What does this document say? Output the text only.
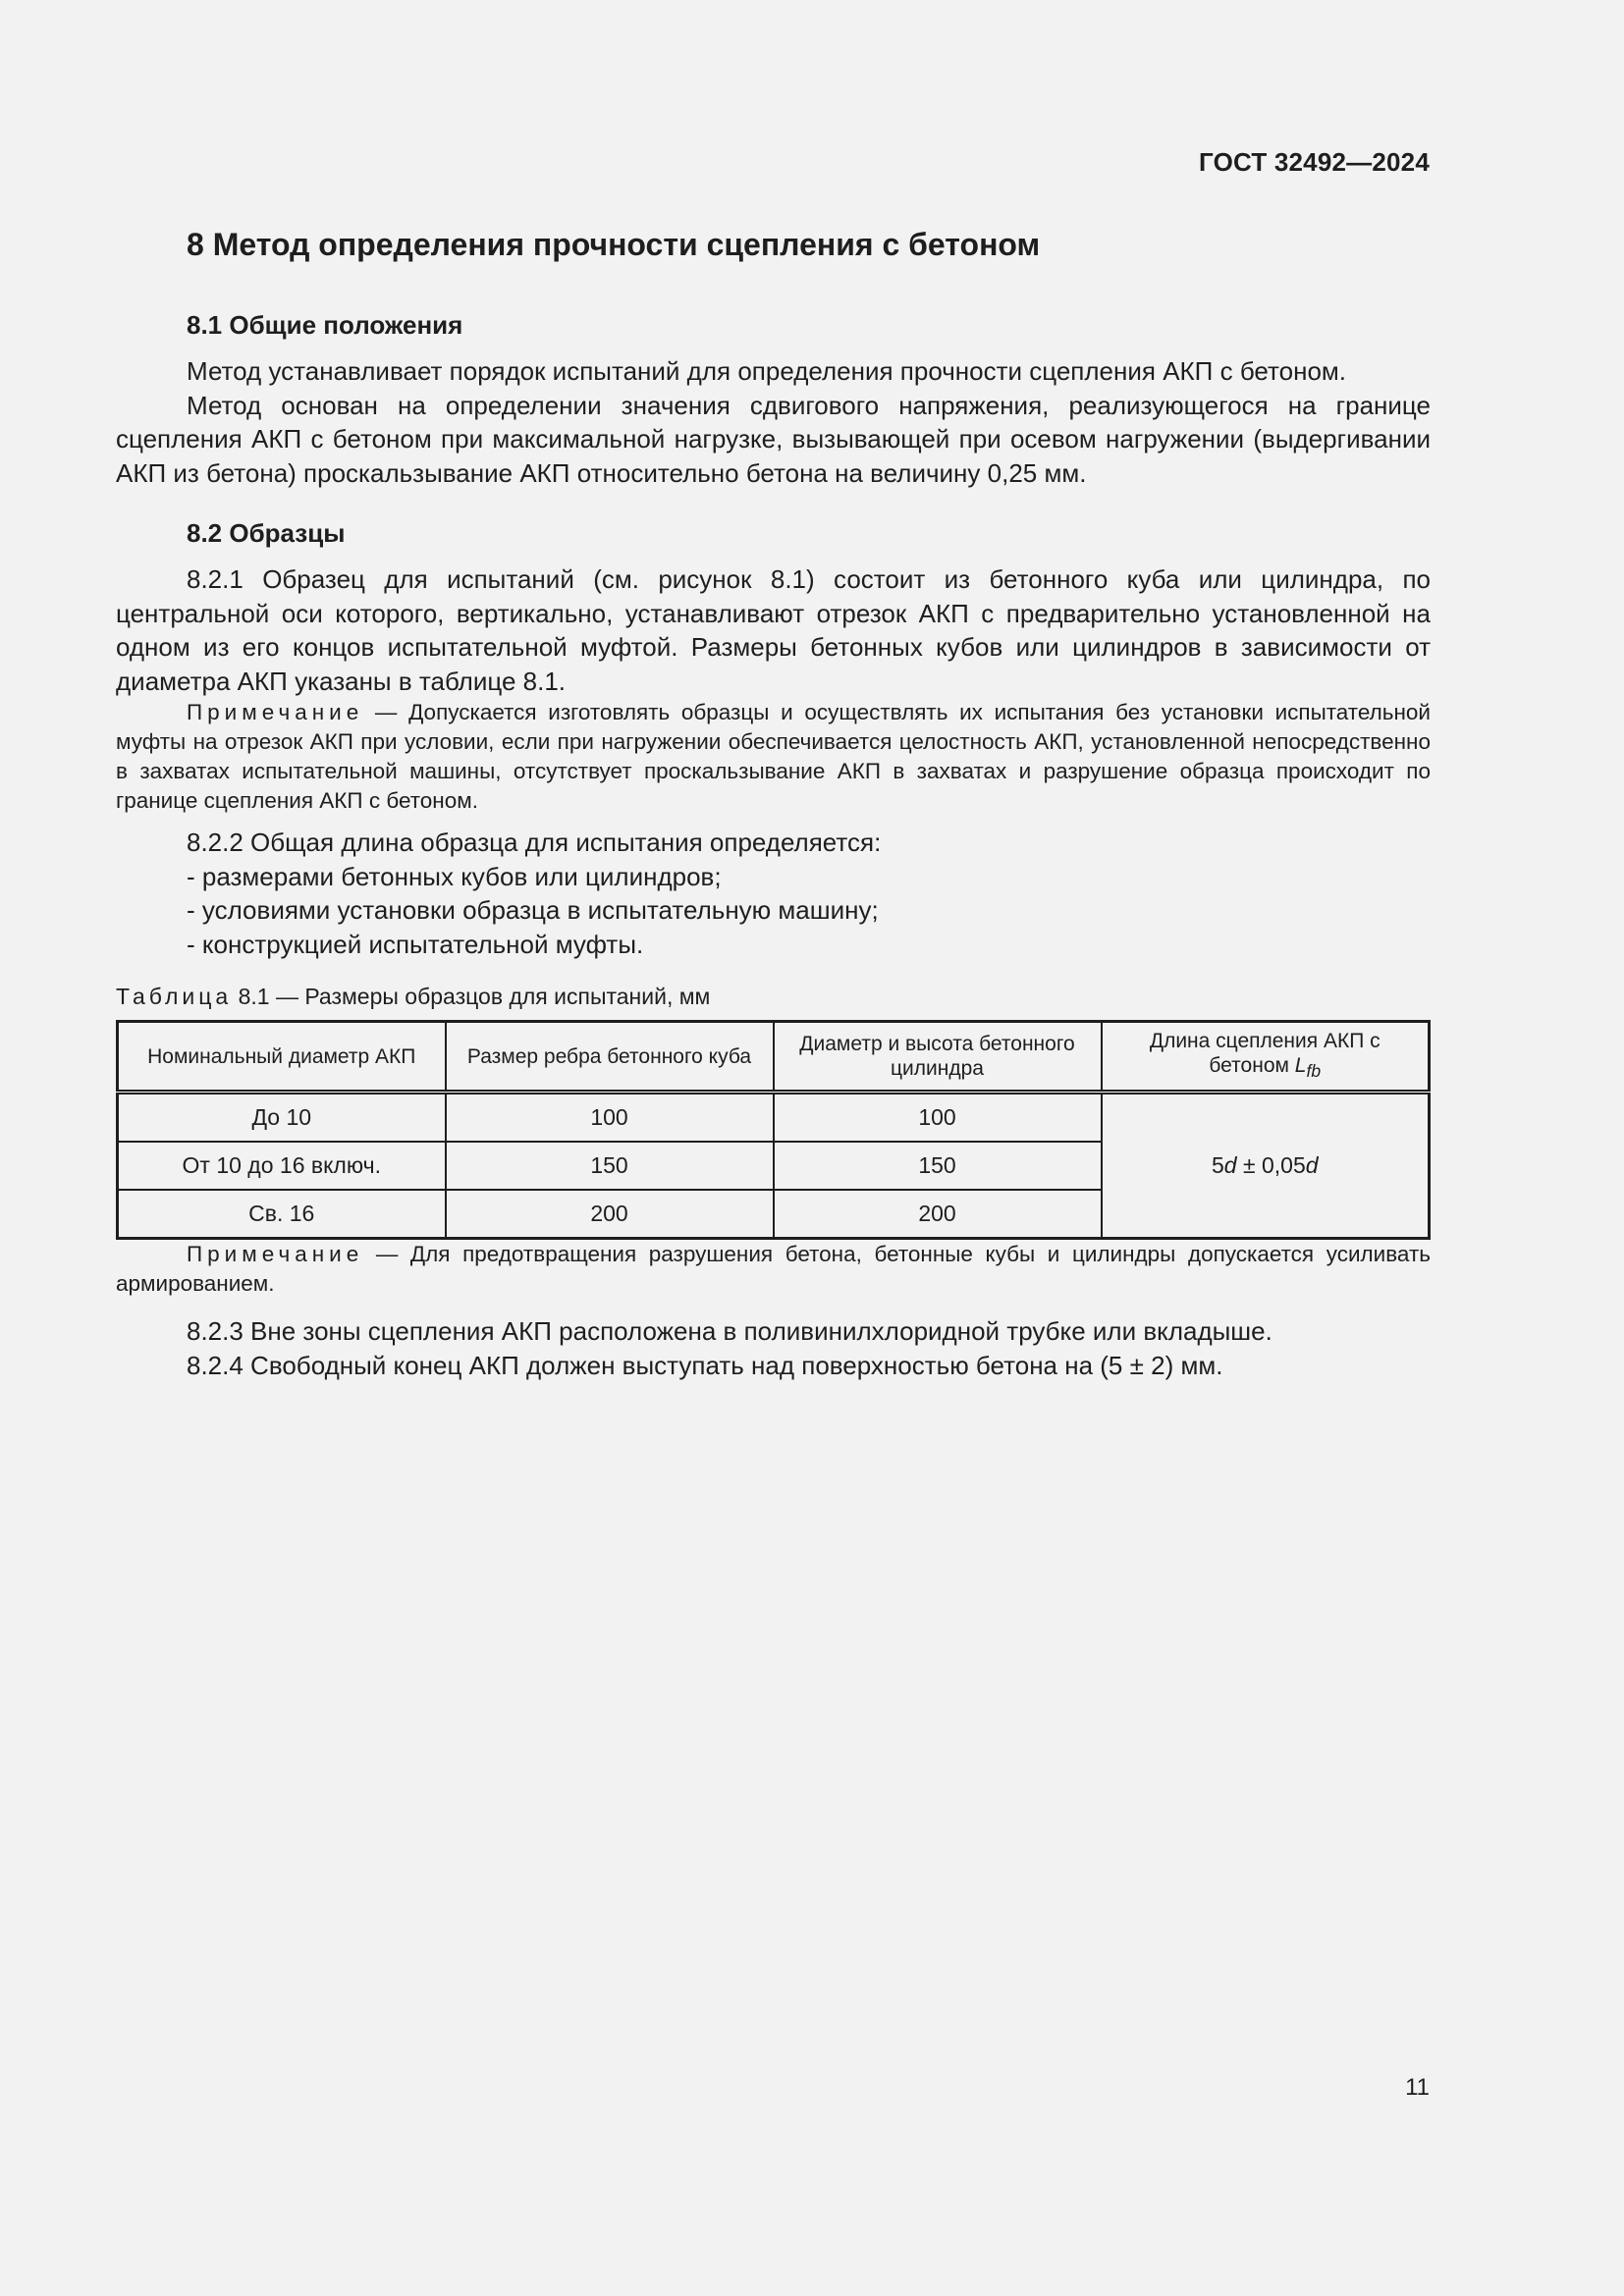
ГОСТ 32492—2024
8 Метод определения прочности сцепления с бетоном
8.1 Общие положения

Метод устанавливает порядок испытаний для определения прочности сцепления АКП с бетоном.

Метод основан на определении значения сдвигового напряжения, реализующегося на границе сцепления АКП с бетоном при максимальной нагрузке, вызывающей при осевом нагружении (выдергивании АКП из бетона) проскальзывание АКП относительно бетона на величину 0,25 мм.

8.2 Образцы

8.2.1 Образец для испытаний (см. рисунок 8.1) состоит из бетонного куба или цилиндра, по центральной оси которого, вертикально, устанавливают отрезок АКП с предварительно установленной на одном из его концов испытательной муфтой. Размеры бетонных кубов или цилиндров в зависимости от диаметра АКП указаны в таблице 8.1.

Примечание — Допускается изготовлять образцы и осуществлять их испытания без установки испытательной муфты на отрезок АКП при условии, если при нагружении обеспечивается целостность АКП, установленной непосредственно в захватах испытательной машины, отсутствует проскальзывание АКП в захватах и разрушение образца происходит по границе сцепления АКП с бетоном.

8.2.2 Общая длина образца для испытания определяется:

- размерами бетонных кубов или цилиндров;
- условиями установки образца в испытательную машину;
- конструкцией испытательной муфты.
Таблица 8.1 — Размеры образцов для испытаний, мм
Номинальный диаметр АКП	Размер ребра бетонного куба	Диаметр и высота бетонного цилиндра	Длина сцепления АКП с бетоном $L_{fb}$
До 10	100	100	5d ± 0,05d
От 10 до 16 включ.	150	150	
Св. 16	200	200	

Примечание — Для предотвращения разрушения бетона, бетонные кубы и цилиндры допускается усиливать армированием.

8.2.3 Вне зоны сцепления АКП расположена в поливинилхлоридной трубке или вкладыше.

8.2.4 Свободный конец АКП должен выступать над поверхностью бетона на (5 ± 2) мм.

11
